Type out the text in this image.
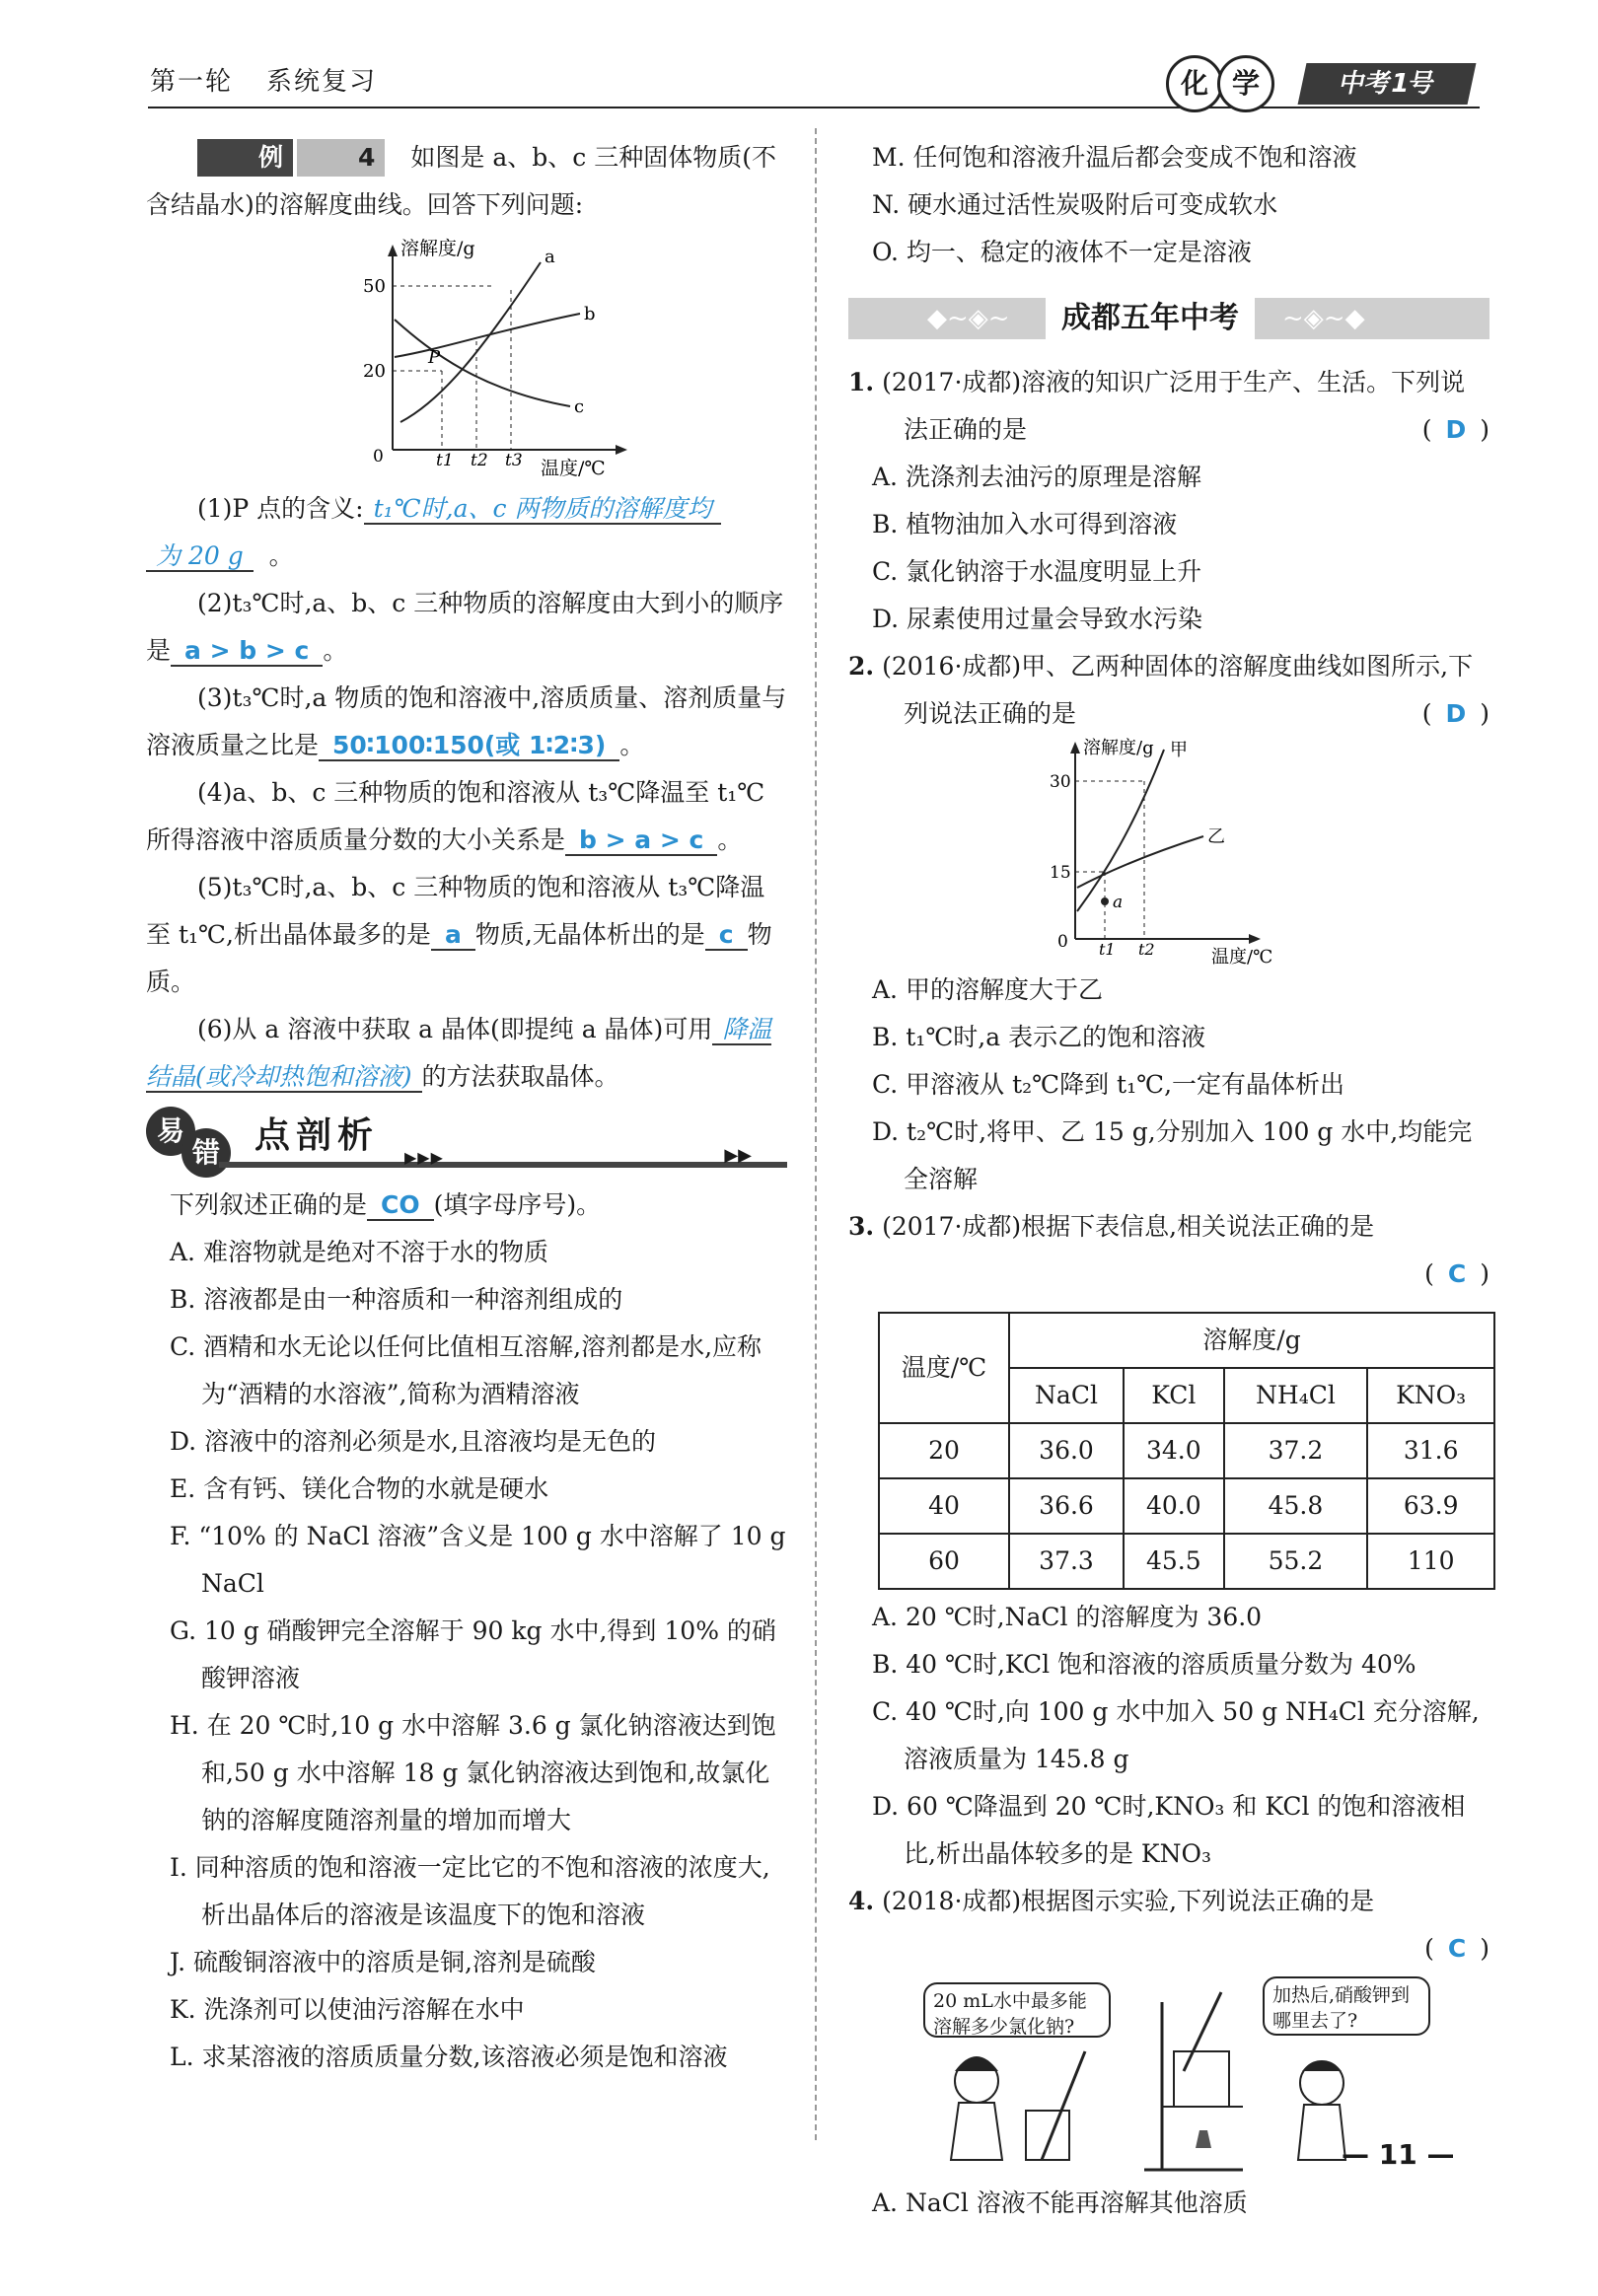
第一轮 系统复习	化 学	中考1号

例	4 如图是 a、b、c 三种固体物质(不含结晶水)的溶解度曲线。回答下列问题:

溶解度/g
温度/℃
0
50
20
t1 t2 t3
a
b
c
P

(1)P 点的含义: t₁℃时,a、c 两物质的溶解度均

为 20 g 。

(2)t₃℃时,a、b、c 三种物质的溶解度由大到小的顺序是 a > b > c 。

(3)t₃℃时,a 物质的饱和溶液中,溶质质量、溶剂质量与溶液质量之比是 50∶100∶150(或 1∶2∶3) 。

(4)a、b、c 三种物质的饱和溶液从 t₃℃降温至 t₁℃所得溶液中溶质质量分数的大小关系是 b > a > c 。

(5)t₃℃时,a、b、c 三种物质的饱和溶液从 t₃℃降温至 t₁℃,析出晶体最多的是 a 物质,无晶体析出的是 c 物质。

(6)从 a 溶液中获取 a 晶体(即提纯 a 晶体)可用 降温结晶(或冷却热饱和溶液) 的方法获取晶体。

易
错 点剖析
▶▶▶	▶▶

下列叙述正确的是 CO (填字母序号)。

A. 难溶物就是绝对不溶于水的物质

B. 溶液都是由一种溶质和一种溶剂组成的

C. 酒精和水无论以任何比值相互溶解,溶剂都是水,应称为“酒精的水溶液”,简称为酒精溶液

D. 溶液中的溶剂必须是水,且溶液均是无色的

E. 含有钙、镁化合物的水就是硬水

F. “10% 的 NaCl 溶液”含义是 100 g 水中溶解了 10 g NaCl

G. 10 g 硝酸钾完全溶解于 90 kg 水中,得到 10% 的硝酸钾溶液

H. 在 20 ℃时,10 g 水中溶解 3.6 g 氯化钠溶液达到饱和,50 g 水中溶解 18 g 氯化钠溶液达到饱和,故氯化钠的溶解度随溶剂量的增加而增大

I. 同种溶质的饱和溶液一定比它的不饱和溶液的浓度大,析出晶体后的溶液是该温度下的饱和溶液

J. 硫酸铜溶液中的溶质是铜,溶剂是硫酸

K. 洗涤剂可以使油污溶解在水中

L. 求某溶液的溶质质量分数,该溶液必须是饱和溶液

M. 任何饱和溶液升温后都会变成不饱和溶液

N. 硬水通过活性炭吸附后可变成软水

O. 均一、稳定的液体不一定是溶液

◆~◈~	~◈~◆
成都五年中考

1. (2017·成都)溶液的知识广泛用于生产、生活。下列说法正确的是	( D )

A. 洗涤剂去油污的原理是溶解

B. 植物油加入水可得到溶液

C. 氯化钠溶于水温度明显上升

D. 尿素使用过量会导致水污染

2. (2016·成都)甲、乙两种固体的溶解度曲线如图所示,下列说法正确的是	( D )

溶解度/g
温度/℃
0
30
15
t1 t2
甲
乙
a

A. 甲的溶解度大于乙

B. t₁℃时,a 表示乙的饱和溶液

C. 甲溶液从 t₂℃降到 t₁℃,一定有晶体析出

D. t₂℃时,将甲、乙 15 g,分别加入 100 g 水中,均能完全溶解

3. (2017·成都)根据下表信息,相关说法正确的是

( C )

温度/℃	溶解度/g			
	NaCl	KCl	NH₄Cl	KNO₃
20	36.0	34.0	37.2	31.6
40	36.6	40.0	45.8	63.9
60	37.3	45.5	55.2	110

A. 20 ℃时,NaCl 的溶解度为 36.0

B. 40 ℃时,KCl 饱和溶液的溶质质量分数为 40%

C. 40 ℃时,向 100 g 水中加入 50 g NH₄Cl 充分溶解,溶液质量为 145.8 g

D. 60 ℃降温到 20 ℃时,KNO₃ 和 KCl 的饱和溶液相比,析出晶体较多的是 KNO₃

4. (2018·成都)根据图示实验,下列说法正确的是

( C )

20 mL水中最多能溶解多少氯化钠?
加热后,硝酸钾到哪里去了?

A. NaCl 溶液不能再溶解其他溶质

— 11 —
